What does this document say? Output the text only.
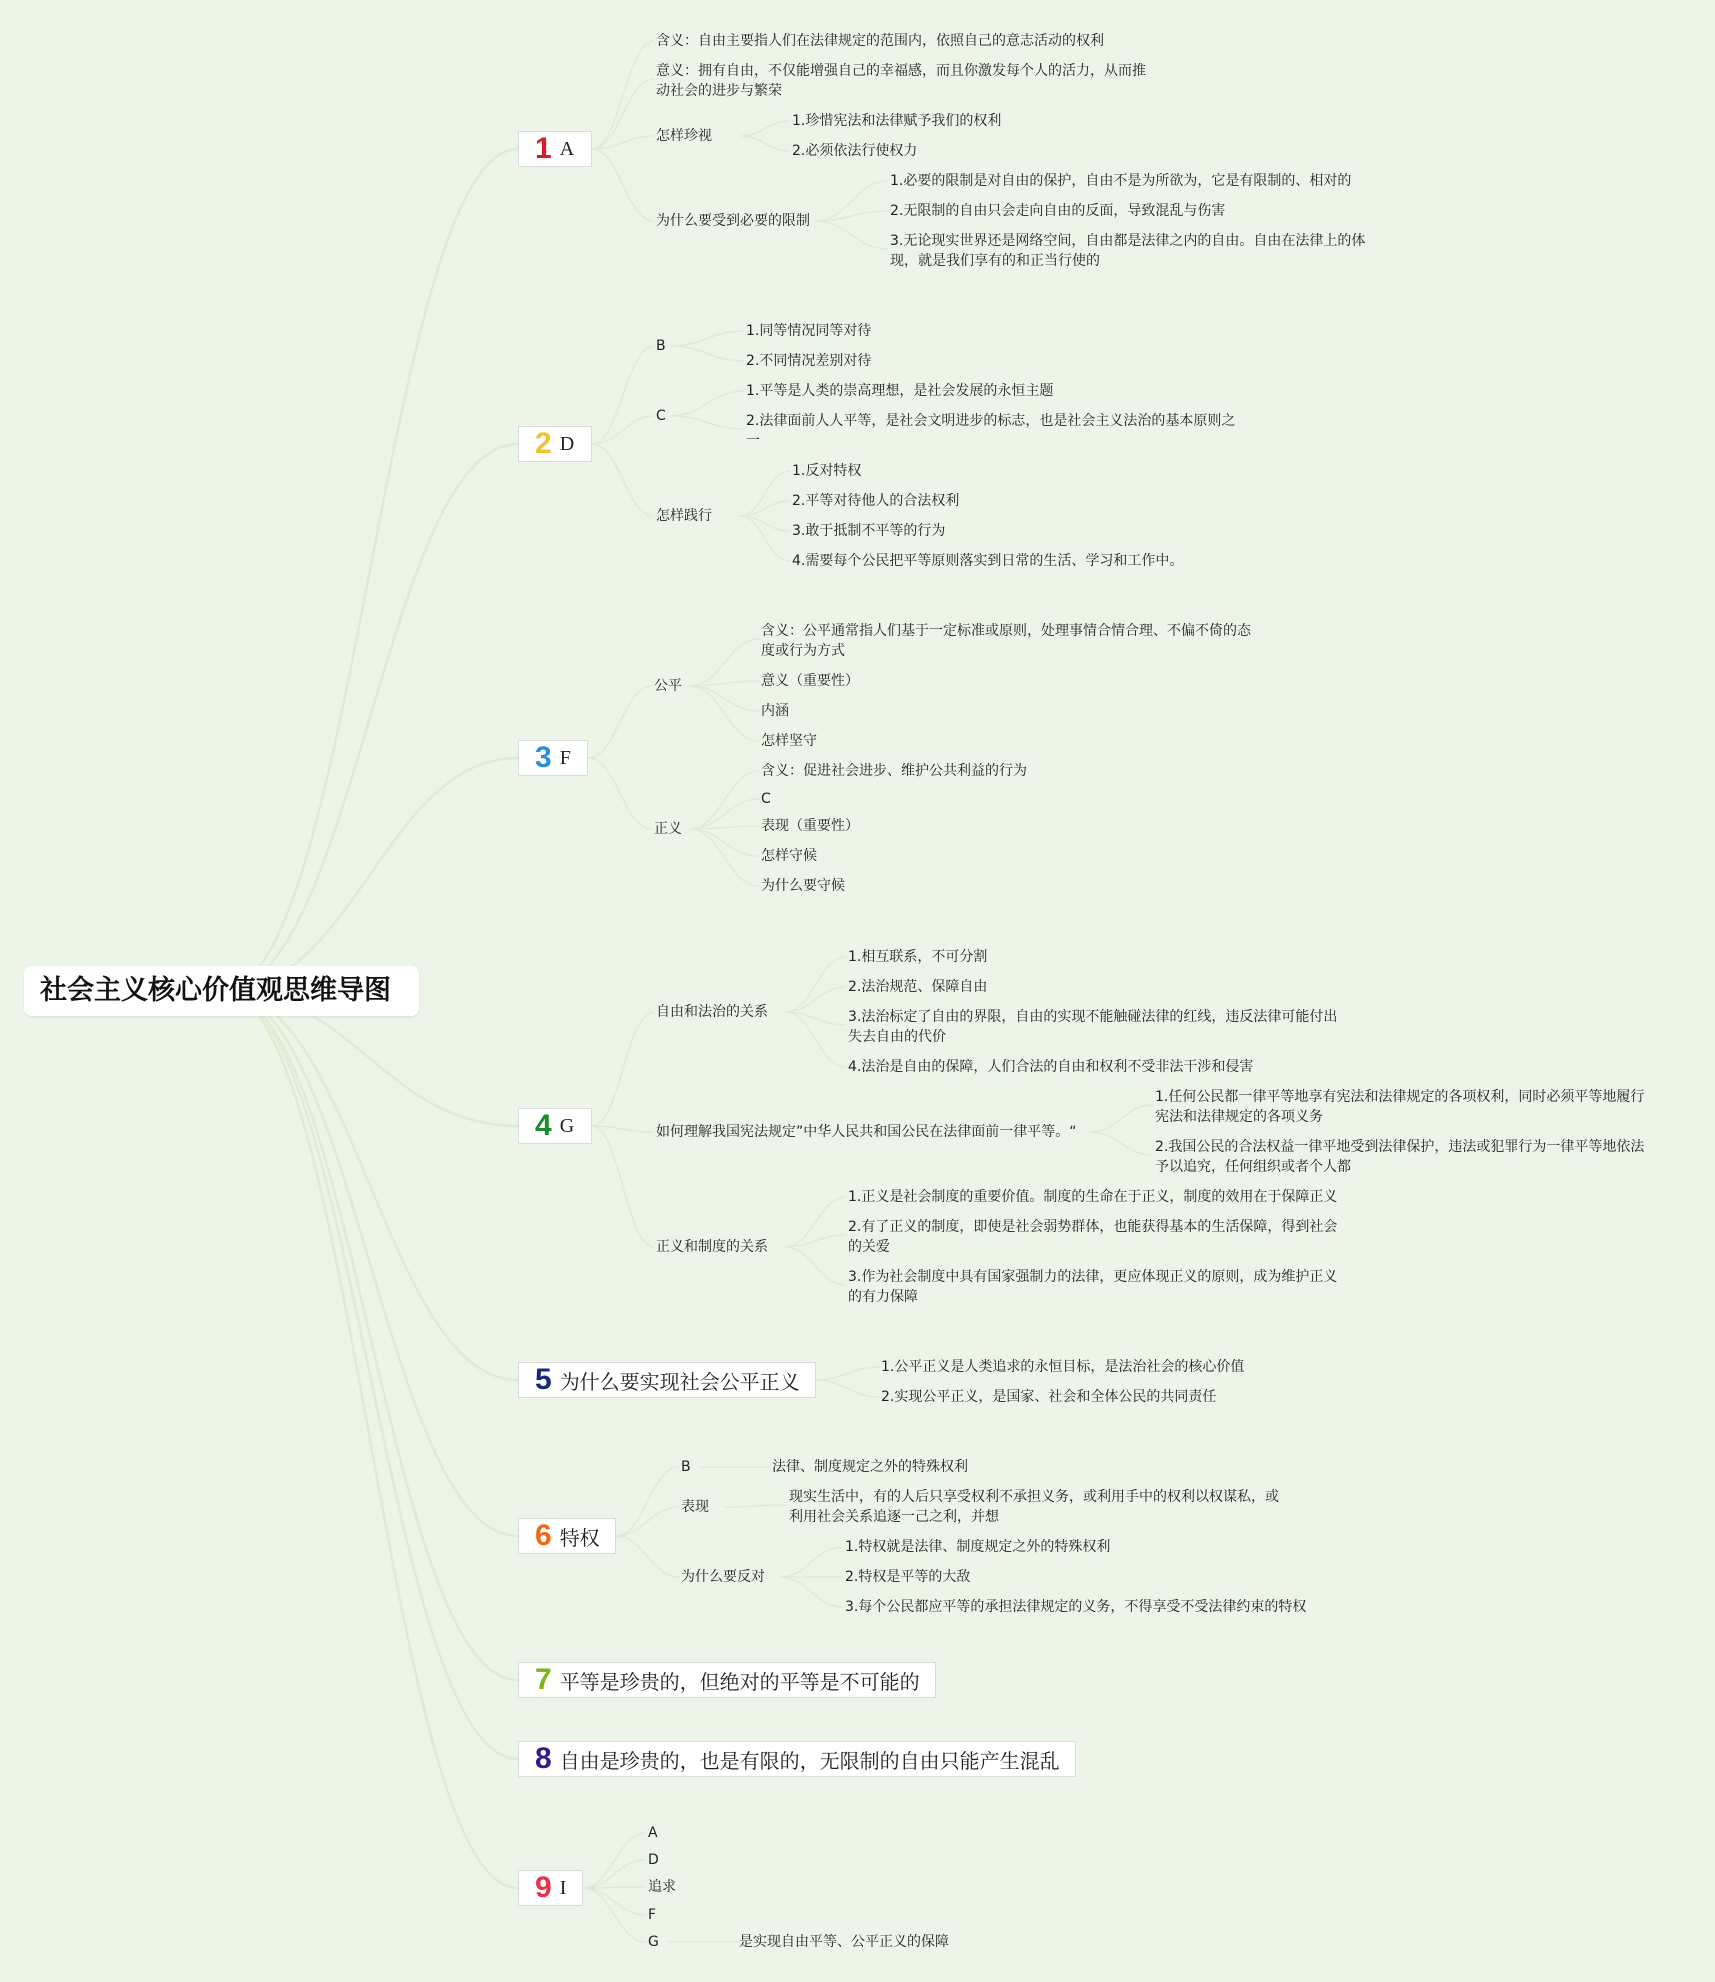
社会主义核心价值观思维导图
1 A
含义：自由主要指人们在法律规定的范围内，依照自己的意志活动的权利
意义：拥有自由，不仅能增强自己的幸福感，而且你激发每个人的活力，从而推动社会的进步与繁荣
怎样珍视
1.珍惜宪法和法律赋予我们的权利
2.必须依法行使权力
为什么要受到必要的限制
1.必要的限制是对自由的保护，自由不是为所欲为，它是有限制的、相对的
2.无限制的自由只会走向自由的反面，导致混乱与伤害
3.无论现实世界还是网络空间，自由都是法律之内的自由。自由在法律上的体现，就是我们享有的和正当行使的
2 D
B
1.同等情况同等对待
2.不同情况差别对待
C
1.平等是人类的崇高理想，是社会发展的永恒主题
2.法律面前人人平等，是社会文明进步的标志，也是社会主义法治的基本原则之一
怎样践行
1.反对特权
2.平等对待他人的合法权利
3.敢于抵制不平等的行为
4.需要每个公民把平等原则落实到日常的生活、学习和工作中。
3 F
公平
含义：公平通常指人们基于一定标准或原则，处理事情合情合理、不偏不倚的态度或行为方式
意义（重要性）
内涵
怎样坚守
正义
含义：促进社会进步、维护公共利益的行为
C
表现（重要性）
怎样守候
为什么要守候
4 G
自由和法治的关系
1.相互联系，不可分割
2.法治规范、保障自由
3.法治标定了自由的界限，自由的实现不能触碰法律的红线，违反法律可能付出失去自由的代价
4.法治是自由的保障，人们合法的自由和权利不受非法干涉和侵害
如何理解我国宪法规定”中华人民共和国公民在法律面前一律平等。“
1.任何公民都一律平等地享有宪法和法律规定的各项权利，同时必须平等地履行宪法和法律规定的各项义务
2.我国公民的合法权益一律平地受到法律保护，违法或犯罪行为一律平等地依法予以追究，任何组织或者个人都
正义和制度的关系
1.正义是社会制度的重要价值。制度的生命在于正义，制度的效用在于保障正义
2.有了正义的制度，即使是社会弱势群体，也能获得基本的生活保障，得到社会的关爱
3.作为社会制度中具有国家强制力的法律，更应体现正义的原则，成为维护正义的有力保障
5 为什么要实现社会公平正义
1.公平正义是人类追求的永恒目标，是法治社会的核心价值
2.实现公平正义，是国家、社会和全体公民的共同责任
6 特权
B	法律、制度规定之外的特殊权利
表现
现实生活中，有的人后只享受权利不承担义务，或利用手中的权利以权谋私，或利用社会关系追逐一己之利，并想
为什么要反对
1.特权就是法律、制度规定之外的特殊权利
2.特权是平等的大敌
3.每个公民都应平等的承担法律规定的义务，不得享受不受法律约束的特权
7 平等是珍贵的，但绝对的平等是不可能的
8 自由是珍贵的，也是有限的，无限制的自由只能产生混乱
9 I
A
D
追求
F
G	是实现自由平等、公平正义的保障
